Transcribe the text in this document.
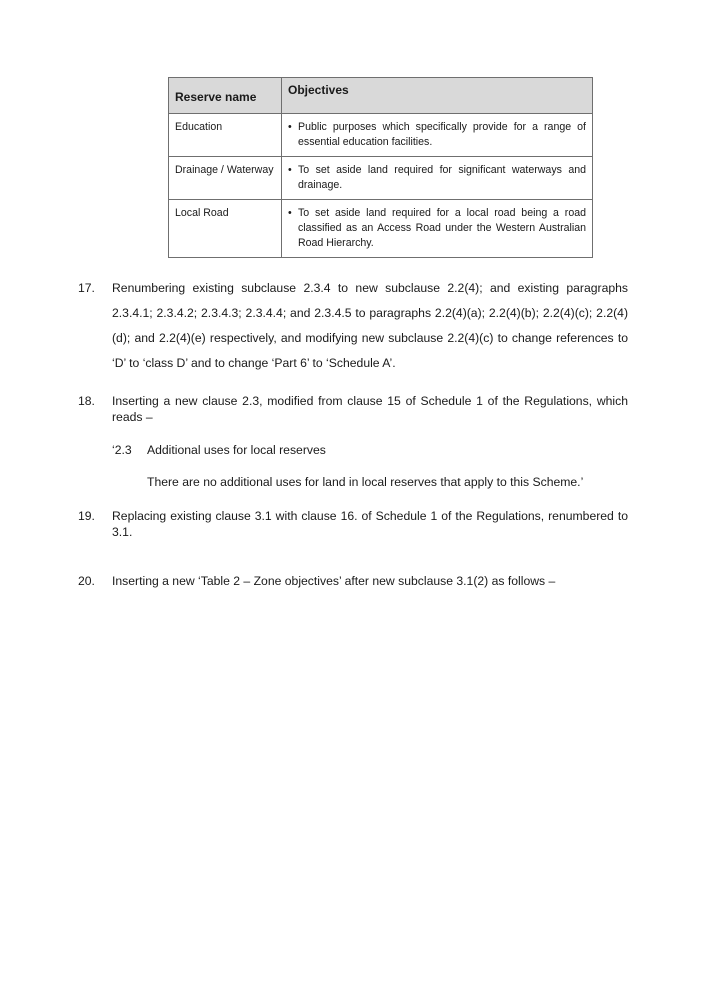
Reserve name	Objectives
Education	• Public purposes which specifically provide for a range of essential education facilities.

Drainage / Waterway	• To set aside land required for significant waterways and drainage.

Local Road	• To set aside land required for a local road being a road classified as an Access Road under the Western Australian Road Hierarchy.
17. Renumbering existing subclause 2.3.4 to new subclause 2.2(4); and existing paragraphs 2.3.4.1; 2.3.4.2; 2.3.4.3; 2.3.4.4; and 2.3.4.5 to paragraphs 2.2(4)(a); 2.2(4)(b); 2.2(4)(c); 2.2(4)(d); and 2.2(4)(e) respectively, and modifying new subclause 2.2(4)(c) to change references to ‘D’ to ‘class D’ and to change ‘Part 6’ to ‘Schedule A’.
18. Inserting a new clause 2.3, modified from clause 15 of Schedule 1 of the Regulations, which reads –
‘2.3 Additional uses for local reserves
There are no additional uses for land in local reserves that apply to this Scheme.’
19. Replacing existing clause 3.1 with clause 16. of Schedule 1 of the Regulations, renumbered to 3.1.
20. Inserting a new ‘Table 2 – Zone objectives’ after new subclause 3.1(2) as follows –
